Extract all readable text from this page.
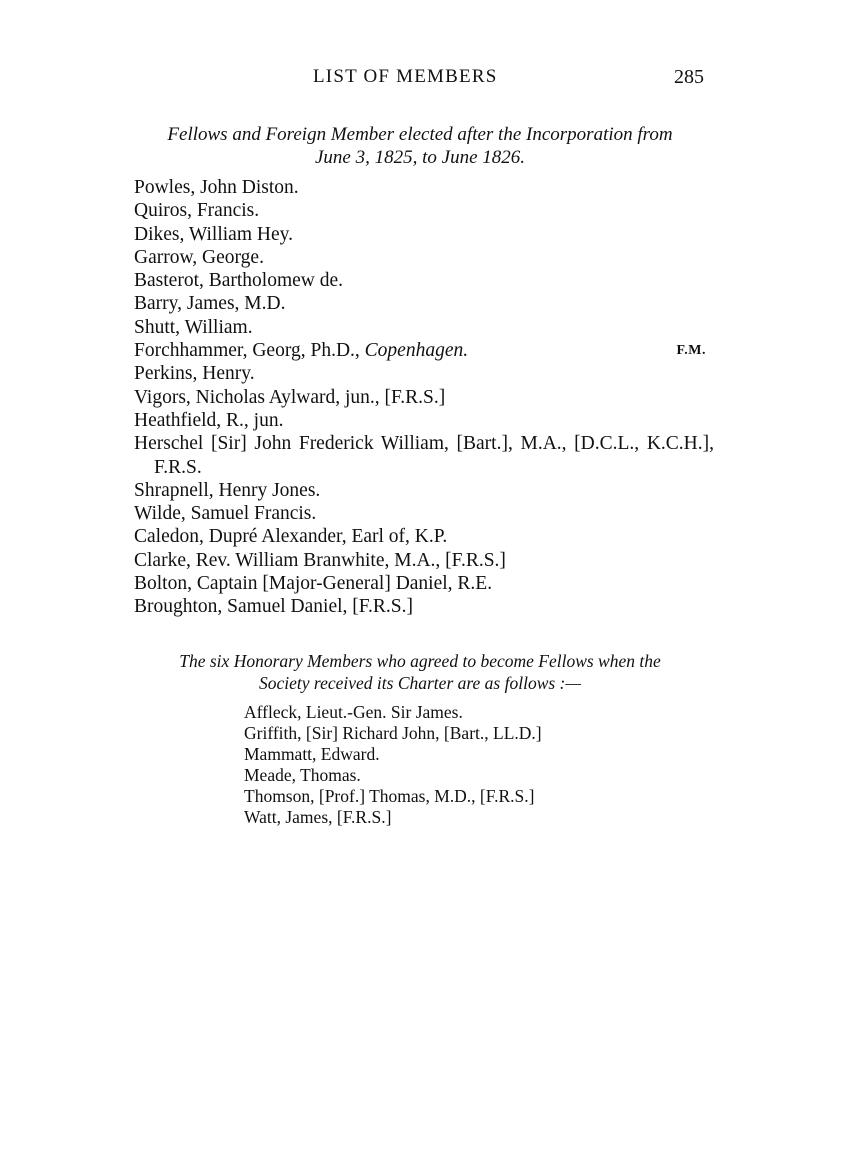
LIST OF MEMBERS	285
Fellows and Foreign Member elected after the Incorporation from
June 3, 1825, to June 1826.
Powles, John Diston.
Quiros, Francis.
Dikes, William Hey.
Garrow, George.
Basterot, Bartholomew de.
Barry, James, M.D.
Shutt, William.
Forchhammer, Georg, Ph.D., Copenhagen.	F.M.
Perkins, Henry.
Vigors, Nicholas Aylward, jun., [F.R.S.]
Heathfield, R., jun.
Herschel [Sir] John Frederick William, [Bart.], M.A., [D.C.L., K.C.H.], F.R.S.
Shrapnell, Henry Jones.
Wilde, Samuel Francis.
Caledon, Dupré Alexander, Earl of, K.P.
Clarke, Rev. William Branwhite, M.A., [F.R.S.]
Bolton, Captain [Major-General] Daniel, R.E.
Broughton, Samuel Daniel, [F.R.S.]
The six Honorary Members who agreed to become Fellows when the
Society received its Charter are as follows :—
Affleck, Lieut.-Gen. Sir James.
Griffith, [Sir] Richard John, [Bart., LL.D.]
Mammatt, Edward.
Meade, Thomas.
Thomson, [Prof.] Thomas, M.D., [F.R.S.]
Watt, James, [F.R.S.]
